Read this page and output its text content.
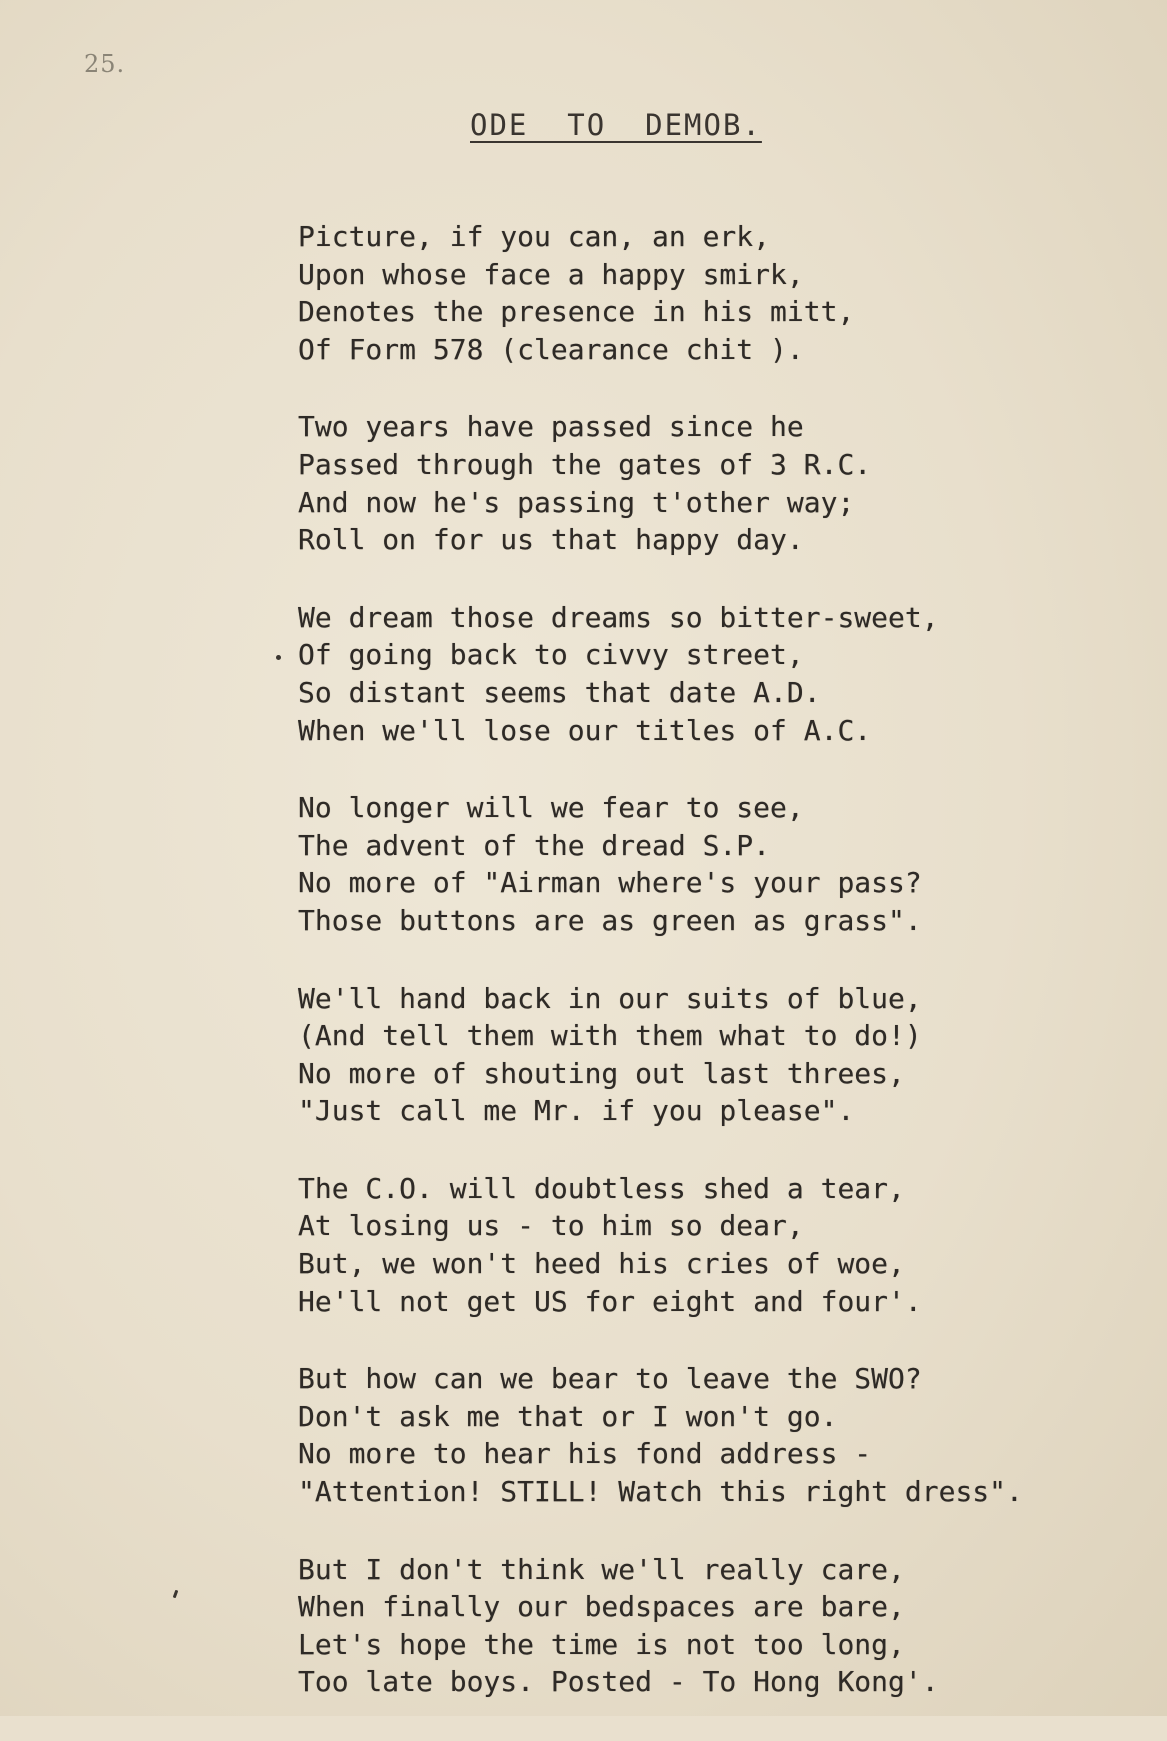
25.
ODE  TO  DEMOB.
Picture, if you can, an erk,
Upon whose face a happy smirk,
Denotes the presence in his mitt,
Of Form 578 (clearance chit ).
Two years have passed since he
Passed through the gates of 3 R.C.
And now he's passing t'other way;
Roll on for us that happy day.
We dream those dreams so bitter-sweet,
Of going back to civvy street,
So distant seems that date A.D.
When we'll lose our titles of A.C.
No longer will we fear to see,
The advent of the dread S.P.
No more of "Airman where's your pass?
Those buttons are as green as grass".
We'll hand back in our suits of blue,
(And tell them with them what to do!)
No more of shouting out last threes,
"Just call me Mr. if you please".
The C.O. will doubtless shed a tear,
At losing us - to him so dear,
But, we won't heed his cries of woe,
He'll not get US for eight and four'.
But how can we bear to leave the SWO?
Don't ask me that or I won't go.
No more to hear his fond address -
"Attention! STILL! Watch this right dress".
But I don't think we'll really care,
When finally our bedspaces are bare,
Let's hope the time is not too long,
Too late boys. Posted - To Hong Kong'.
